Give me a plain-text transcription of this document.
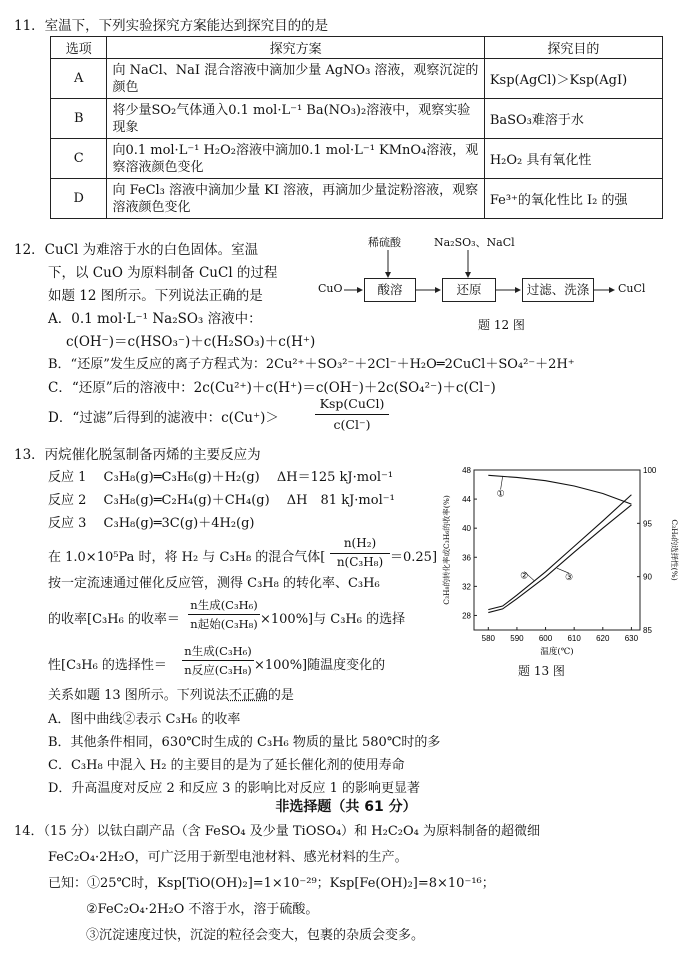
11．室温下，下列实验探究方案能达到探究目的的是
选项	探究方案	探究目的
A	向 NaCl、NaI 混合溶液中滴加少量 AgNO₃ 溶液，观察沉淀的颜色	Ksp(AgCl)＞Ksp(AgI)
B	将少量SO₂气体通入0.1 mol·L⁻¹ Ba(NO₃)₂溶液中，观察实验现象	BaSO₃难溶于水
C	向0.1 mol·L⁻¹ H₂O₂溶液中滴加0.1 mol·L⁻¹ KMnO₄溶液，观察溶液颜色变化	H₂O₂ 具有氧化性
D	向 FeCl₃ 溶液中滴加少量 KI 溶液，再滴加少量淀粉溶液，观察溶液颜色变化	Fe³⁺的氧化性比 I₂ 的强
12．CuCl 为难溶于水的白色固体。室温
下，以 CuO 为原料制备 CuCl 的过程
如题 12 图所示。下列说法正确的是
A．0.1 mol·L⁻¹ Na₂SO₃ 溶液中：
c(OH⁻)＝c(HSO₃⁻)＋c(H₂SO₃)＋c(H⁺)
B．“还原”发生反应的离子方程式为：2Cu²⁺＋SO₃²⁻＋2Cl⁻＋H₂O═2CuCl＋SO₄²⁻＋2H⁺
C．“还原”后的溶液中：2c(Cu²⁺)＋c(H⁺)＝c(OH⁻)＋2c(SO₄²⁻)＋c(Cl⁻)
D．“过滤”后得到的滤液中：c(Cu⁺)＞
Ksp(CuCl)
c(Cl⁻)
稀硫酸	Na₂SO₃、NaCl
CuO	酸溶	还原	过滤、洗涤	CuCl
题 12 图
13．丙烷催化脱氢制备丙烯的主要反应为
反应 1　 C₃H₈(g)═C₃H₆(g)＋H₂(g)　 ΔH＝125 kJ·mol⁻¹
反应 2　 C₃H₈(g)═C₂H₄(g)＋CH₄(g)　 ΔH　81 kJ·mol⁻¹
反应 3　 C₃H₈(g)═3C(g)＋4H₂(g)
在 1.0×10⁵Pa 时，将 H₂ 与 C₃H₈ 的混合气体[
n(H₂)
n(C₃H₈) ＝0.25]
按一定流速通过催化反应管，测得 C₃H₈ 的转化率、C₃H₆
的收率[C₃H₆ 的收率＝
n生成(C₃H₆)
n起始(C₃H₈) ×100%]与 C₃H₆ 的选择
性[C₃H₆ 的选择性＝
n生成(C₃H₆)
n反应(C₃H₈) ×100%]随温度变化的
关系如题 13 图所示。下列说法不正确的是
A．图中曲线②表示 C₃H₆ 的收率
B．其他条件相同，630℃时生成的 C₃H₆ 物质的量比 580℃时的多
C．C₃H₈ 中混入 H₂ 的主要目的是为了延长催化剂的使用寿命
D．升高温度对反应 2 和反应 3 的影响比对反应 1 的影响更显著
580 590 600 610 620 630
28
32
36
40
44
48
85
90
95
100
温度(℃)
C₃H₈的转化率或C₃H₆的收率(%)	C₃H₆的选择性(%)
①
②	③
题 13 图
非选择题（共 61 分）
14．（15 分）以钛白副产品（含 FeSO₄ 及少量 TiOSO₄）和 H₂C₂O₄ 为原料制备的超微细
FeC₂O₄·2H₂O，可广泛用于新型电池材料、感光材料的生产。
已知：①25℃时，Ksp[TiO(OH)₂]=1×10⁻²⁹；Ksp[Fe(OH)₂]=8×10⁻¹⁶；
②FeC₂O₄·2H₂O 不溶于水，溶于硫酸。
③沉淀速度过快，沉淀的粒径会变大，包裹的杂质会变多。
